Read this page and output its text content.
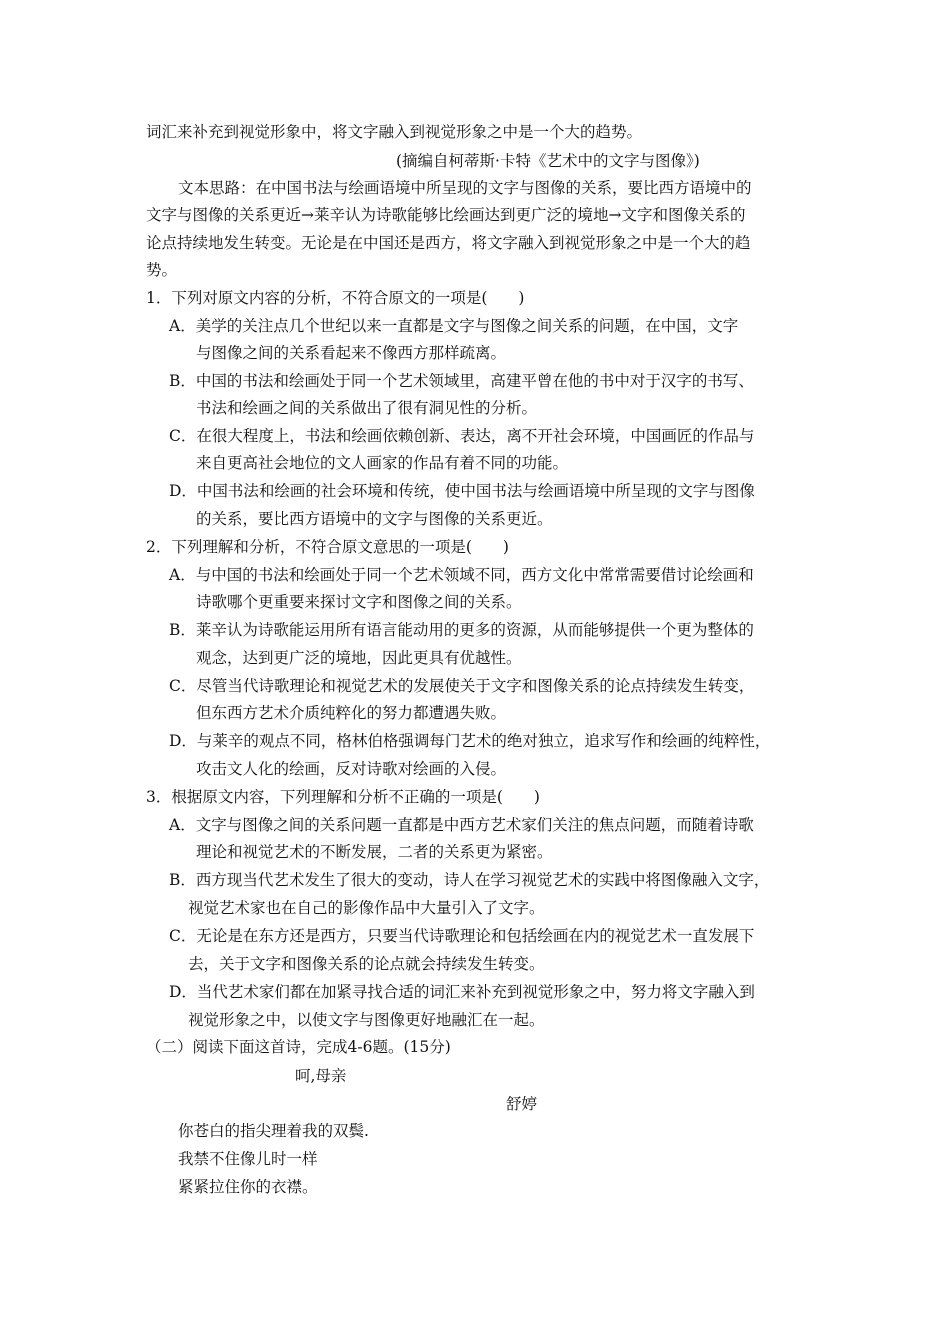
词汇来补充到视觉形象中，将文字融入到视觉形象之中是一个大的趋势。
(摘编自柯蒂斯·卡特《艺术中的文字与图像》)
文本思路：在中国书法与绘画语境中所呈现的文字与图像的关系，要比西方语境中的
文字与图像的关系更近→莱辛认为诗歌能够比绘画达到更广泛的境地→文字和图像关系的
论点持续地发生转变。无论是在中国还是西方，将文字融入到视觉形象之中是一个大的趋
势。
1．下列对原文内容的分析，不符合原文的一项是(　　)
A．美学的关注点几个世纪以来一直都是文字与图像之间关系的问题，在中国，文字
与图像之间的关系看起来不像西方那样疏离。
B．中国的书法和绘画处于同一个艺术领域里，高建平曾在他的书中对于汉字的书写、
书法和绘画之间的关系做出了很有洞见性的分析。
C．在很大程度上，书法和绘画依赖创新、表达，离不开社会环境，中国画匠的作品与
来自更高社会地位的文人画家的作品有着不同的功能。
D．中国书法和绘画的社会环境和传统，使中国书法与绘画语境中所呈现的文字与图像
的关系，要比西方语境中的文字与图像的关系更近。
2．下列理解和分析，不符合原文意思的一项是(　　)
A．与中国的书法和绘画处于同一个艺术领域不同，西方文化中常常需要借讨论绘画和
诗歌哪个更重要来探讨文字和图像之间的关系。
B．莱辛认为诗歌能运用所有语言能动用的更多的资源，从而能够提供一个更为整体的
观念，达到更广泛的境地，因此更具有优越性。
C．尽管当代诗歌理论和视觉艺术的发展使关于文字和图像关系的论点持续发生转变，
但东西方艺术介质纯粹化的努力都遭遇失败。
D．与莱辛的观点不同，格林伯格强调每门艺术的绝对独立，追求写作和绘画的纯粹性，
攻击文人化的绘画，反对诗歌对绘画的入侵。
3．根据原文内容，下列理解和分析不正确的一项是(　　)
A．文字与图像之间的关系问题一直都是中西方艺术家们关注的焦点问题，而随着诗歌
理论和视觉艺术的不断发展，二者的关系更为紧密。
B．西方现当代艺术发生了很大的变动，诗人在学习视觉艺术的实践中将图像融入文字，
视觉艺术家也在自己的影像作品中大量引入了文字。
C．无论是在东方还是西方，只要当代诗歌理论和包括绘画在内的视觉艺术一直发展下
去，关于文字和图像关系的论点就会持续发生转变。
D．当代艺术家们都在加紧寻找合适的词汇来补充到视觉形象之中，努力将文字融入到
视觉形象之中，以使文字与图像更好地融汇在一起。
（二）阅读下面这首诗，完成4-6题。(15分)
呵,母亲
舒婷
你苍白的指尖理着我的双鬓.
我禁不住像儿时一样
紧紧拉住你的衣襟。
